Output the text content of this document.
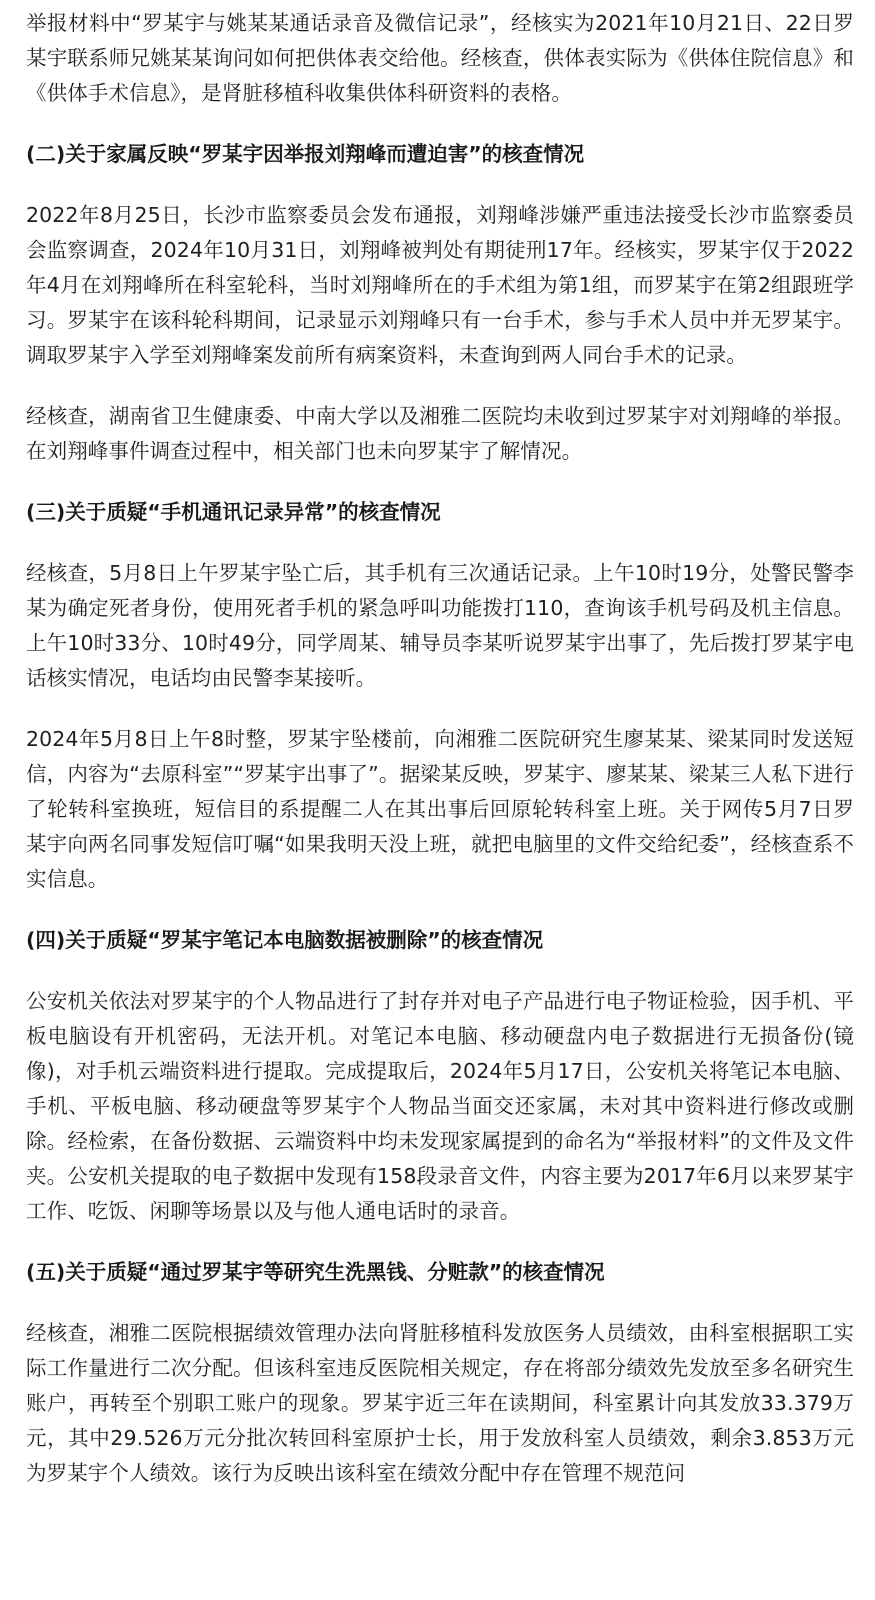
举报材料中“罗某宇与姚某某通话录音及微信记录”，经核实为2021年10月21日、22日罗某宇联系师兄姚某某询问如何把供体表交给他。经核查，供体表实际为《供体住院信息》和《供体手术信息》，是肾脏移植科收集供体科研资料的表格。

(二)关于家属反映“罗某宇因举报刘翔峰而遭迫害”的核查情况

2022年8月25日，长沙市监察委员会发布通报，刘翔峰涉嫌严重违法接受长沙市监察委员会监察调查，2024年10月31日，刘翔峰被判处有期徒刑17年。经核实，罗某宇仅于2022年4月在刘翔峰所在科室轮科，当时刘翔峰所在的手术组为第1组，而罗某宇在第2组跟班学习。罗某宇在该科轮科期间，记录显示刘翔峰只有一台手术，参与手术人员中并无罗某宇。调取罗某宇入学至刘翔峰案发前所有病案资料，未查询到两人同台手术的记录。

经核查，湖南省卫生健康委、中南大学以及湘雅二医院均未收到过罗某宇对刘翔峰的举报。在刘翔峰事件调查过程中，相关部门也未向罗某宇了解情况。

(三)关于质疑“手机通讯记录异常”的核查情况

经核查，5月8日上午罗某宇坠亡后，其手机有三次通话记录。上午10时19分，处警民警李某为确定死者身份，使用死者手机的紧急呼叫功能拨打110，查询该手机号码及机主信息。上午10时33分、10时49分，同学周某、辅导员李某听说罗某宇出事了，先后拨打罗某宇电话核实情况，电话均由民警李某接听。

2024年5月8日上午8时整，罗某宇坠楼前，向湘雅二医院研究生廖某某、梁某同时发送短信，内容为“去原科室”“罗某宇出事了”。据梁某反映，罗某宇、廖某某、梁某三人私下进行了轮转科室换班，短信目的系提醒二人在其出事后回原轮转科室上班。关于网传5月7日罗某宇向两名同事发短信叮嘱“如果我明天没上班，就把电脑里的文件交给纪委”，经核查系不实信息。

(四)关于质疑“罗某宇笔记本电脑数据被删除”的核查情况

公安机关依法对罗某宇的个人物品进行了封存并对电子产品进行电子物证检验，因手机、平板电脑设有开机密码，无法开机。对笔记本电脑、移动硬盘内电子数据进行无损备份(镜像)，对手机云端资料进行提取。完成提取后，2024年5月17日，公安机关将笔记本电脑、手机、平板电脑、移动硬盘等罗某宇个人物品当面交还家属，未对其中资料进行修改或删除。经检索，在备份数据、云端资料中均未发现家属提到的命名为“举报材料”的文件及文件夹。公安机关提取的电子数据中发现有158段录音文件，内容主要为2017年6月以来罗某宇工作、吃饭、闲聊等场景以及与他人通电话时的录音。

(五)关于质疑“通过罗某宇等研究生洗黑钱、分赃款”的核查情况

经核查，湘雅二医院根据绩效管理办法向肾脏移植科发放医务人员绩效，由科室根据职工实际工作量进行二次分配。但该科室违反医院相关规定，存在将部分绩效先发放至多名研究生账户，再转至个别职工账户的现象。罗某宇近三年在读期间，科室累计向其发放33.379万元，其中29.526万元分批次转回科室原护士长，用于发放科室人员绩效，剩余3.853万元为罗某宇个人绩效。该行为反映出该科室在绩效分配中存在管理不规范问
